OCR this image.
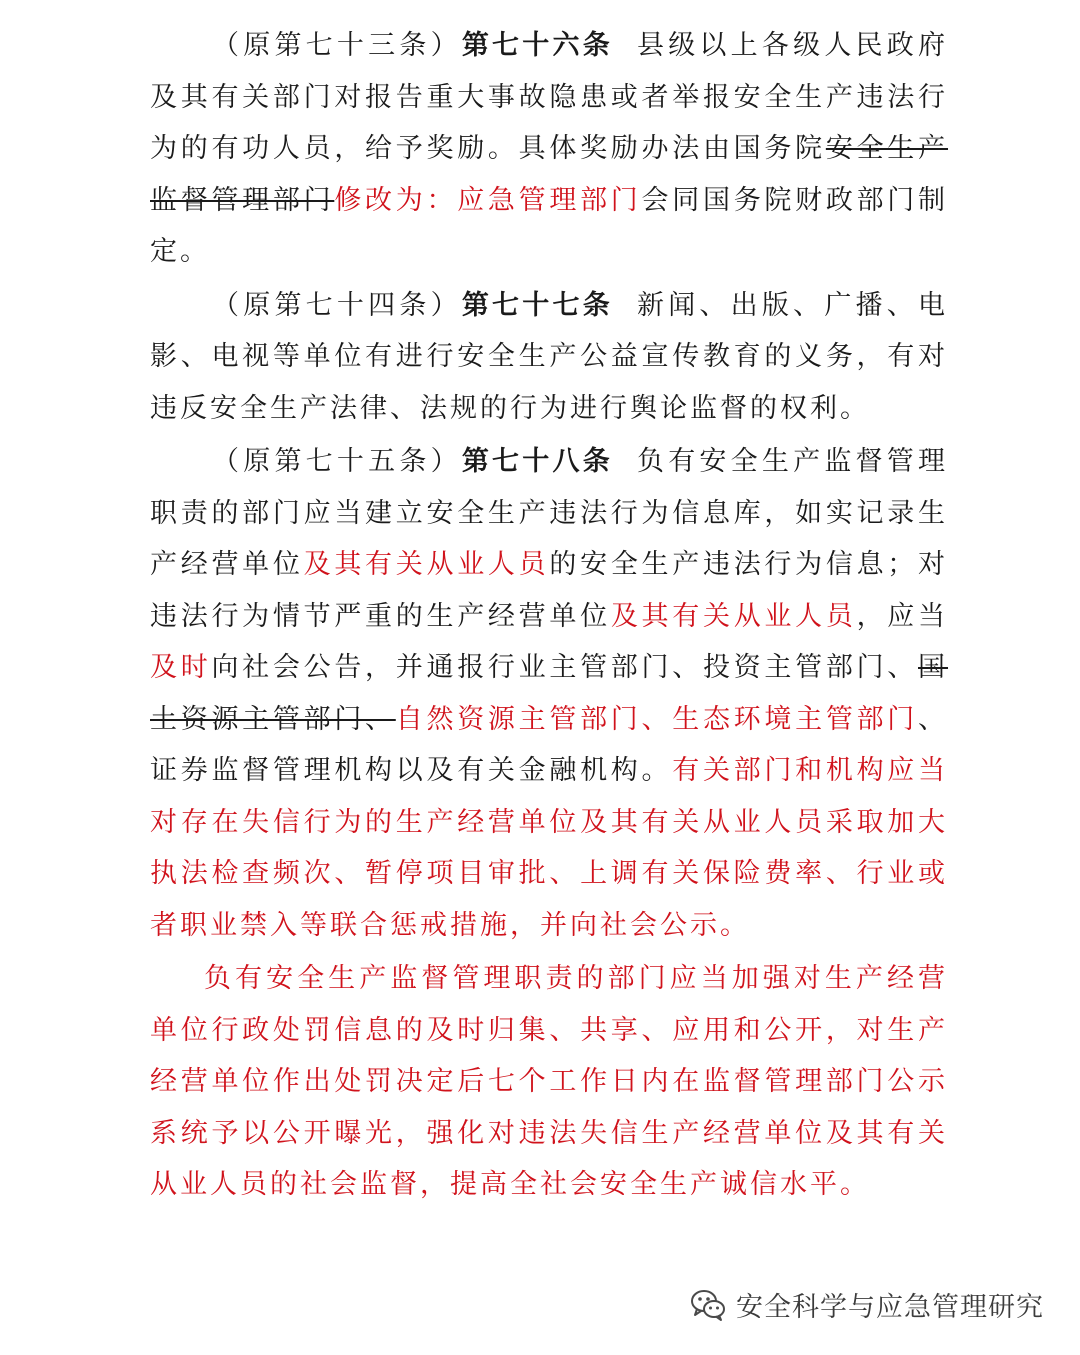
（原第七十三条）第七十六条 县级以上各级人民政府及其有关部门对报告重大事故隐患或者举报安全生产违法行为的有功人员，给予奖励。具体奖励办法由国务院安全生产监督管理部门修改为：应急管理部门会同国务院财政部门制定。

（原第七十四条）第七十七条 新闻、出版、广播、电影、电视等单位有进行安全生产公益宣传教育的义务，有对违反安全生产法律、法规的行为进行舆论监督的权利。

（原第七十五条）第七十八条 负有安全生产监督管理职责的部门应当建立安全生产违法行为信息库，如实记录生产经营单位及其有关从业人员的安全生产违法行为信息；对违法行为情节严重的生产经营单位及其有关从业人员，应当及时向社会公告，并通报行业主管部门、投资主管部门、国土资源主管部门、自然资源主管部门、生态环境主管部门、证券监督管理机构以及有关金融机构。有关部门和机构应当对存在失信行为的生产经营单位及其有关从业人员采取加大执法检查频次、暂停项目审批、上调有关保险费率、行业或者职业禁入等联合惩戒措施，并向社会公示。

负有安全生产监督管理职责的部门应当加强对生产经营单位行政处罚信息的及时归集、共享、应用和公开，对生产经营单位作出处罚决定后七个工作日内在监督管理部门公示系统予以公开曝光，强化对违法失信生产经营单位及其有关从业人员的社会监督，提高全社会安全生产诚信水平。

安全科学与应急管理研究
